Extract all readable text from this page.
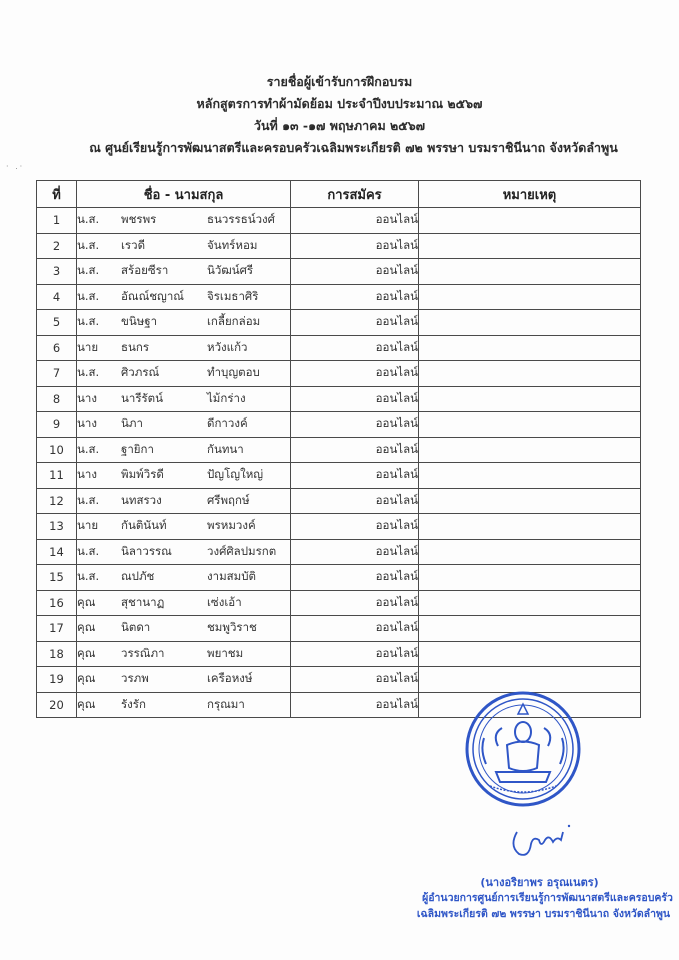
รายชื่อผู้เข้ารับการฝึกอบรม
หลักสูตรการทำผ้ามัดย้อม ประจำปีงบประมาณ ๒๕๖๗
วันที่ ๑๓ -๑๗ พฤษภาคม ๒๕๖๗
ณ ศูนย์เรียนรู้การพัฒนาสตรีและครอบครัวเฉลิมพระเกียรติ ๗๒ พรรษา บรมราชินีนาถ จังหวัดลำพูน
· .·
ที่	ชื่อ - นามสกุล	การสมัคร	หมายเหตุ
1	น.ส. พชรพร ธนวรรธน์วงศ์	ออนไลน์	
2	น.ส. เรวดี จันทร์หอม	ออนไลน์	
3	น.ส. สร้อยซีรา นิวัฒน์ศรี	ออนไลน์	
4	น.ส. อัณณ์ชญาณ์ จิรเมธาศิริ	ออนไลน์	
5	น.ส. ขนิษฐา เกลี้ยกล่อม	ออนไลน์	
6	นาย ธนกร หวังแก้ว	ออนไลน์	
7	น.ส. ศิวภรณ์ ทำบุญตอบ	ออนไลน์	
8	นาง นารีรัตน์ ไม้กร่าง	ออนไลน์	
9	นาง นิภา ดีกาวงค์	ออนไลน์	
10	น.ส. ฐายิกา กันทนา	ออนไลน์	
11	นาง พิมพ์วิรดี ปัญโญใหญ่	ออนไลน์	
12	น.ส. นทสรวง ศรีพฤกษ์	ออนไลน์	
13	นาย กันตินันท์ พรหมวงค์	ออนไลน์	
14	น.ส. นิลาวรรณ วงศ์ศิลปมรกต	ออนไลน์	
15	น.ส. ณปภัช งามสมบัติ	ออนไลน์	
16	คุณ สุชานาฏ เซ่งเอ้า	ออนไลน์	
17	คุณ นิตดา ชมพูวิราช	ออนไลน์	
18	คุณ วรรณิภา พยาชม	ออนไลน์	
19	คุณ วรภพ เครือหงษ์	ออนไลน์	
20	คุณ รังรัก กรุณมา	ออนไลน์	
(นางอริยาพร อรุณเนตร)
ผู้อำนวยการศูนย์การเรียนรู้การพัฒนาสตรีและครอบครัว
เฉลิมพระเกียรติ ๗๒ พรรษา บรมราชินีนาถ จังหวัดลำพูน
